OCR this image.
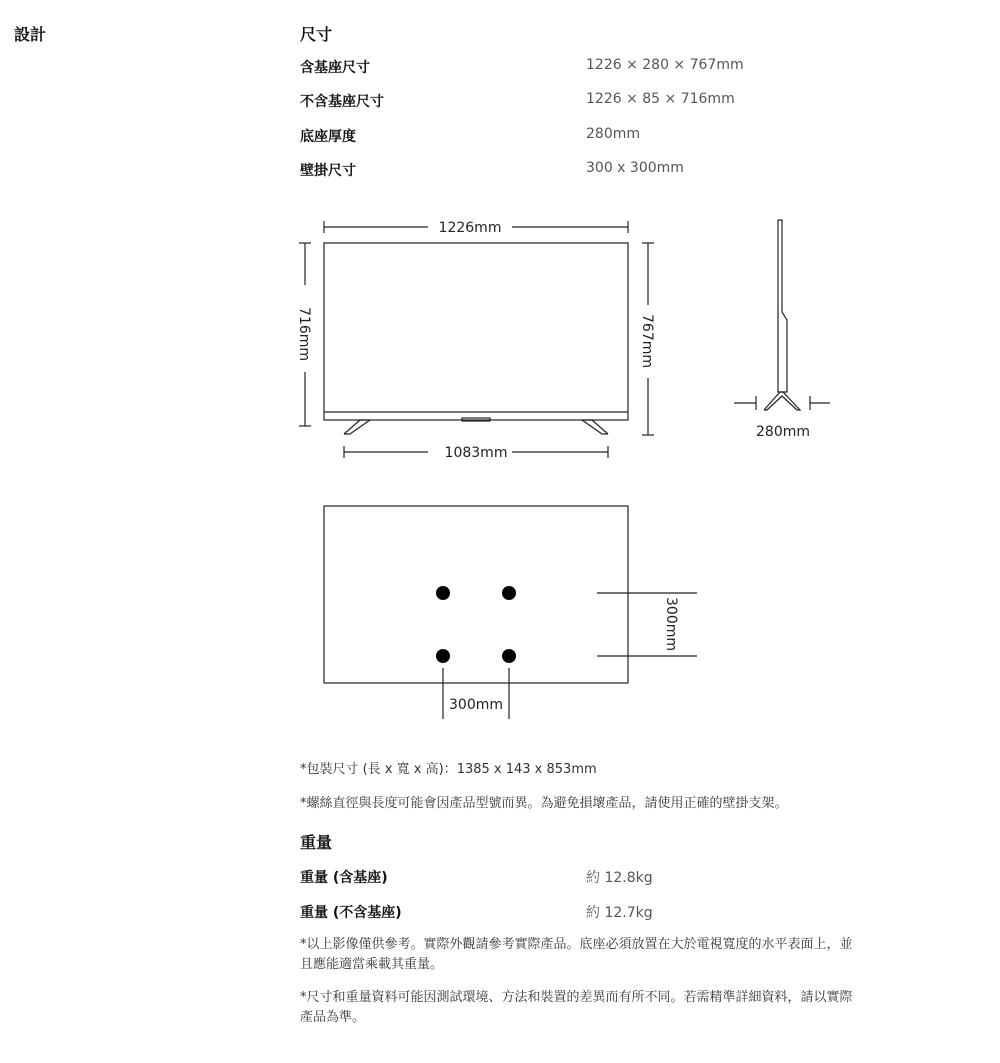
設計	尺寸
含基座尺寸	1226 × 280 × 767mm
不含基座尺寸	1226 × 85 × 716mm
底座厚度	280mm
壁掛尺寸	300 x 300mm
1226mm
716mm	767mm
1083mm
280mm
300mm
300mm
*包裝尺寸 (長 x 寬 x 高)：1385 x 143 x 853mm
*螺絲直徑與長度可能會因產品型號而異。為避免損壞產品，請使用正確的壁掛支架。
重量
重量 (含基座)	約 12.8kg
重量 (不含基座)	約 12.7kg
*以上影像僅供參考。實際外觀請參考實際產品。底座必須放置在大於電視寬度的水平表面上，並且應能適當乘載其重量。
*尺寸和重量資料可能因測試環境、方法和裝置的差異而有所不同。若需精準詳細資料，請以實際產品為準。
